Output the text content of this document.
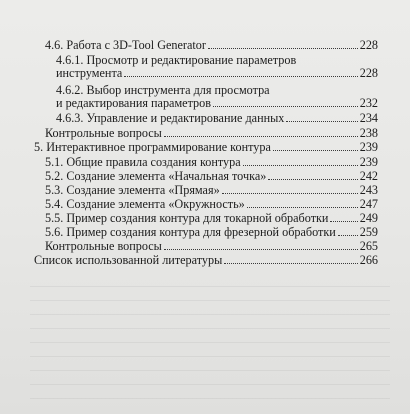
4.6. Работа с 3D-Tool Generator	228
4.6.1. Просмотр и редактирование параметров
инструмента	228
4.6.2. Выбор инструмента для просмотра
и редактирования параметров	232
4.6.3. Управление и редактирование данных	234
Контрольные вопросы	238
5. Интерактивное программирование контура	239
5.1. Общие правила создания контура	239
5.2. Создание элемента «Начальная точка»	242
5.3. Создание элемента «Прямая»	243
5.4. Создание элемента «Окружность»	247
5.5. Пример создания контура для токарной обработки	249
5.6. Пример создания контура для фрезерной обработки 259
Контрольные вопросы	265
Список использованной литературы	266
